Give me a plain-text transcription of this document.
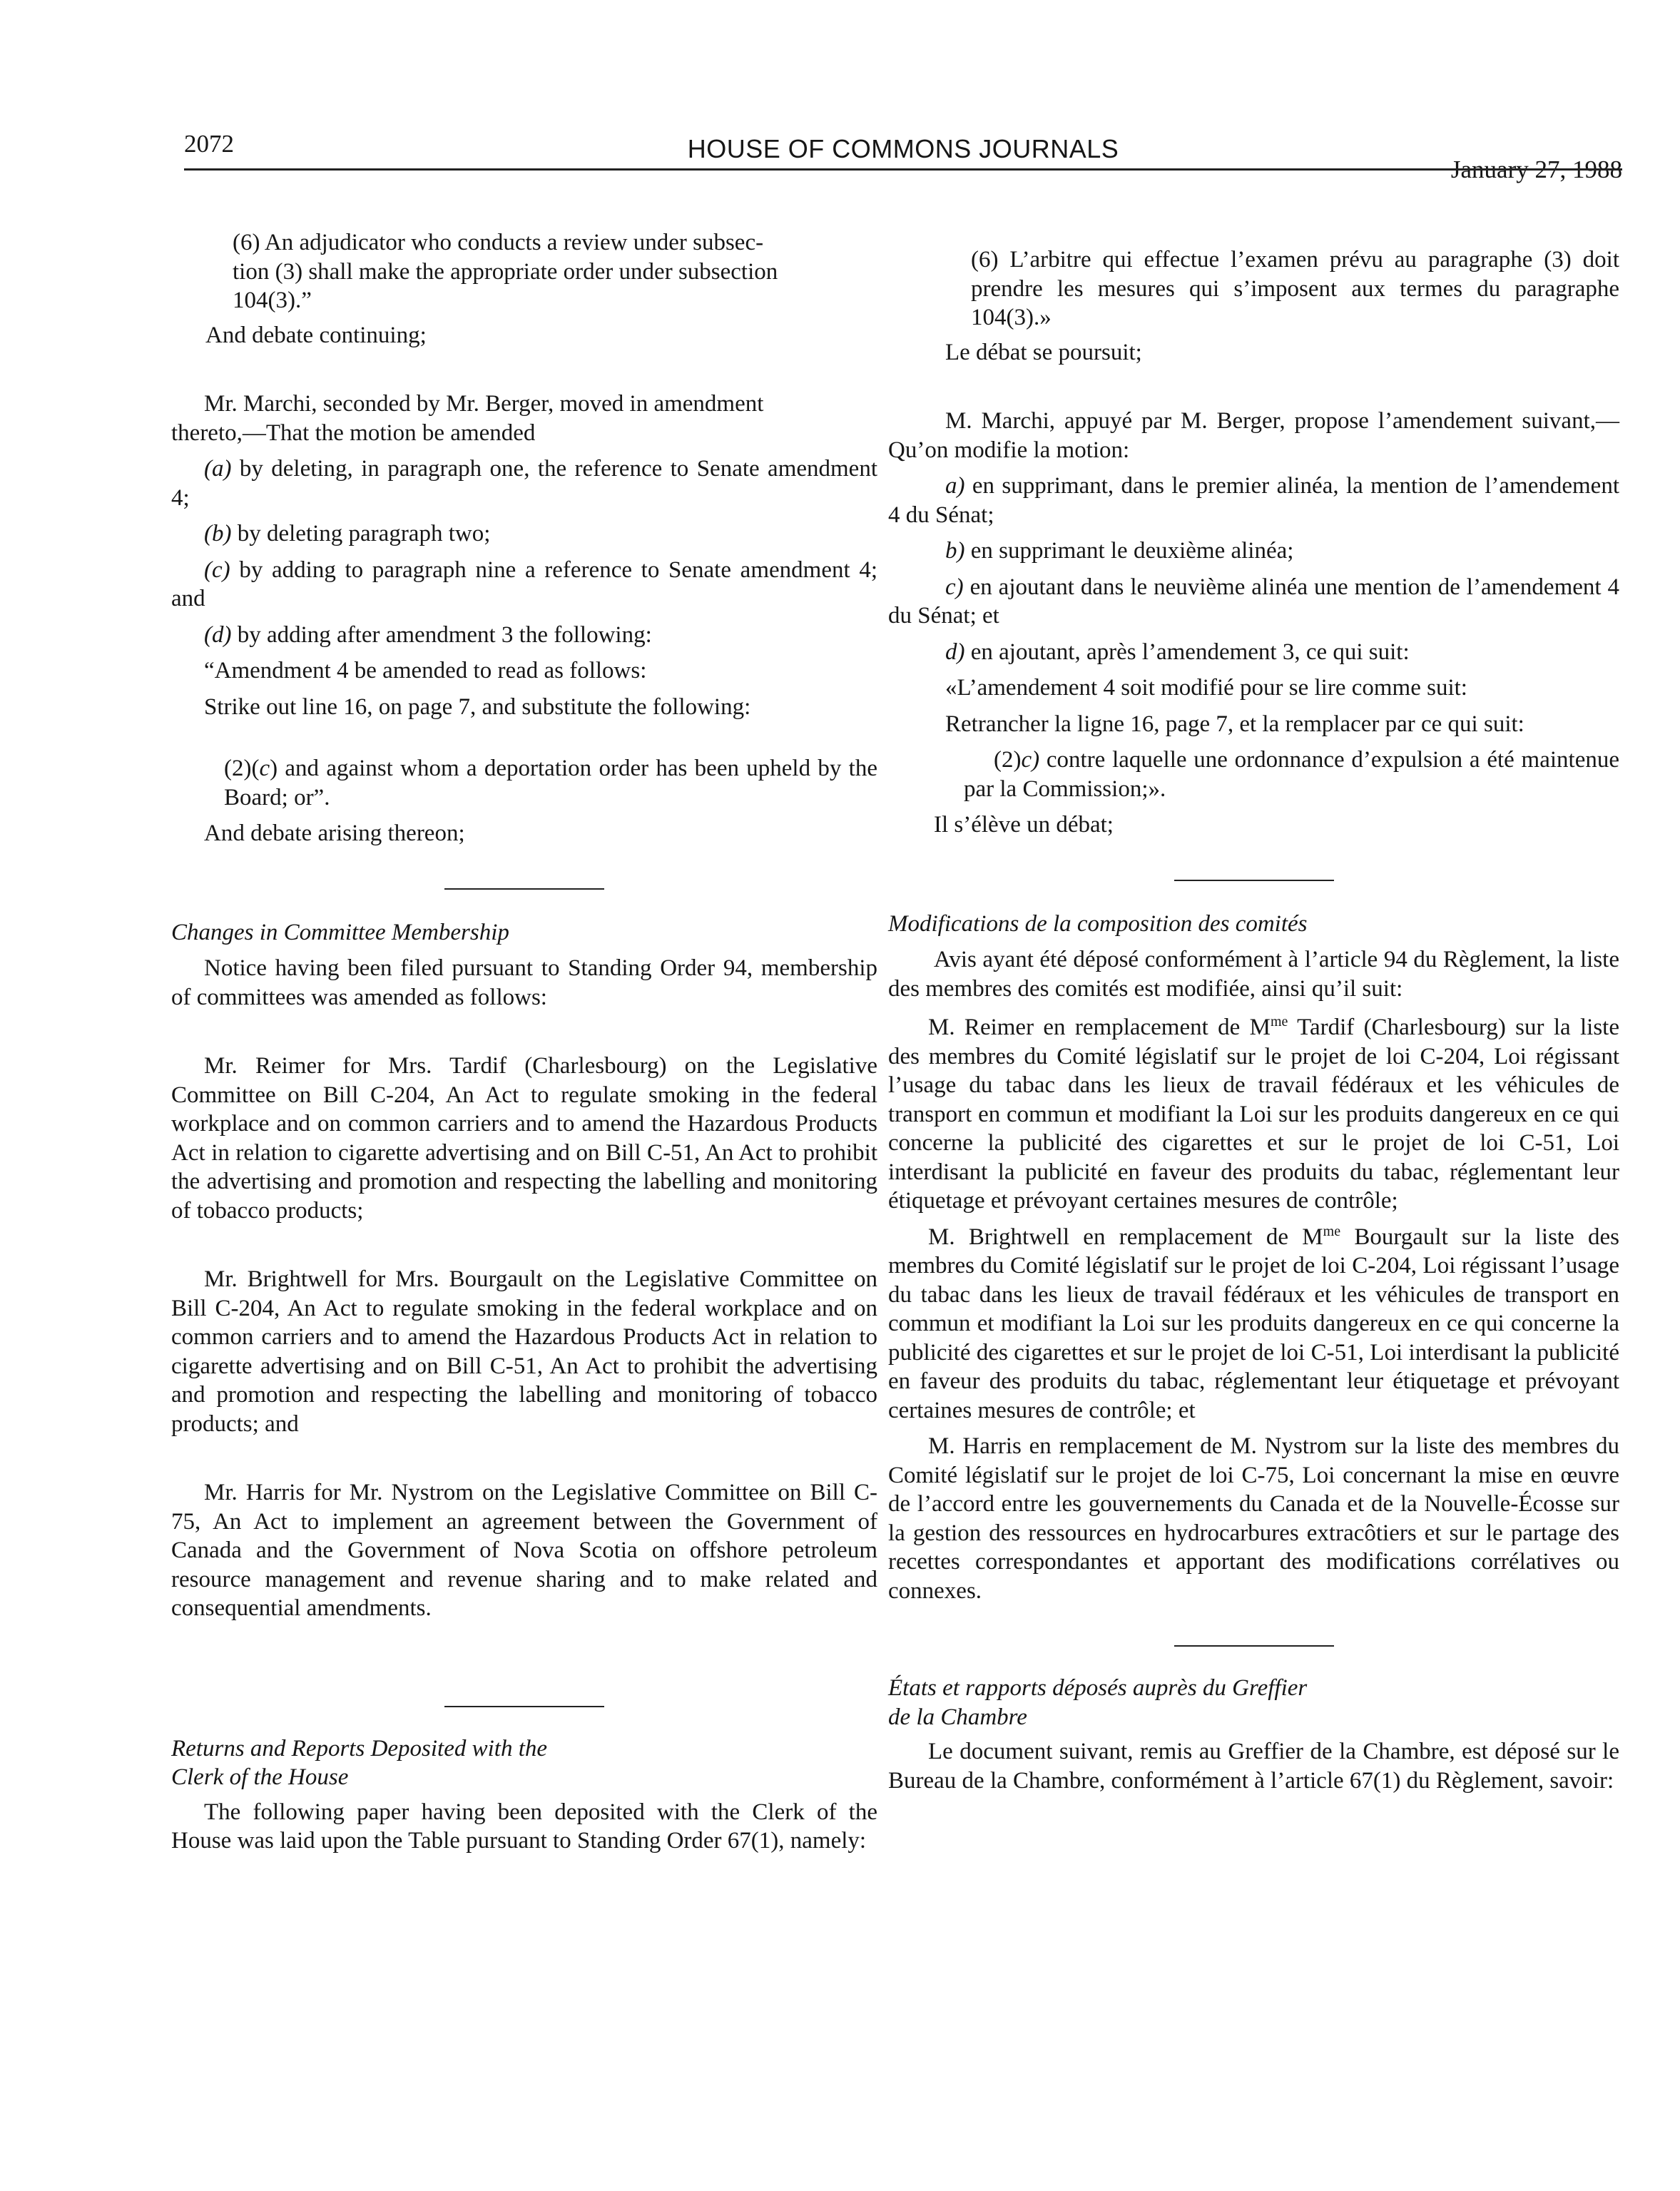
2072	HOUSE OF COMMONS JOURNALS
January 27, 1988

(6) An adjudicator who conducts a review under subsec-
tion (3) shall make the appropriate order under subsection
104(3).”

And debate continuing;

Mr. Marchi, seconded by Mr. Berger, moved in amendment
thereto,—That the motion be amended

(a) by deleting, in paragraph one, the reference to Senate amendment 4;

(b) by deleting paragraph two;

(c) by adding to paragraph nine a reference to Senate amendment 4; and

(d) by adding after amendment 3 the following:

“Amendment 4 be amended to read as follows:

Strike out line 16, on page 7, and substitute the following:

(2)(c) and against whom a deportation order has been upheld by the Board; or”.

And debate arising thereon;

Changes in Committee Membership

Notice having been filed pursuant to Standing Order 94, membership of committees was amended as follows:

Mr. Reimer for Mrs. Tardif (Charlesbourg) on the Legislative Committee on Bill C-204, An Act to regulate smoking in the federal workplace and on common carriers and to amend the Hazardous Products Act in relation to cigarette advertising and on Bill C-51, An Act to prohibit the advertising and promotion and respecting the labelling and monitoring of tobacco products;

Mr. Brightwell for Mrs. Bourgault on the Legislative Committee on Bill C-204, An Act to regulate smoking in the federal workplace and on common carriers and to amend the Hazardous Products Act in relation to cigarette advertising and on Bill C-51, An Act to prohibit the advertising and promotion and respecting the labelling and monitoring of tobacco products; and

Mr. Harris for Mr. Nystrom on the Legislative Committee on Bill C-75, An Act to implement an agreement between the Government of Canada and the Government of Nova Scotia on offshore petroleum resource management and revenue sharing and to make related and consequential amendments.

Returns and Reports Deposited with the
Clerk of the House

The following paper having been deposited with the Clerk of the House was laid upon the Table pursuant to Standing Order 67(1), namely:

(6) L’arbitre qui effectue l’examen prévu au paragraphe (3) doit prendre les mesures qui s’imposent aux termes du paragraphe 104(3).»

Le débat se poursuit;

M. Marchi, appuyé par M. Berger, propose l’amendement suivant,—Qu’on modifie la motion:

a) en supprimant, dans le premier alinéa, la mention de l’amendement 4 du Sénat;

b) en supprimant le deuxième alinéa;

c) en ajoutant dans le neuvième alinéa une mention de l’amendement 4 du Sénat; et

d) en ajoutant, après l’amendement 3, ce qui suit:

«L’amendement 4 soit modifié pour se lire comme suit:

Retrancher la ligne 16, page 7, et la remplacer par ce qui suit:

(2)c) contre laquelle une ordonnance d’expulsion a été maintenue par la Commission;».

Il s’élève un débat;

Modifications de la composition des comités

Avis ayant été déposé conformément à l’article 94 du Règlement, la liste des membres des comités est modifiée, ainsi qu’il suit:

M. Reimer en remplacement de $M^{me}$ Tardif (Charlesbourg) sur la liste des membres du Comité législatif sur le projet de loi C-204, Loi régissant l’usage du tabac dans les lieux de travail fédéraux et les véhicules de transport en commun et modifiant la Loi sur les produits dangereux en ce qui concerne la publicité des cigarettes et sur le projet de loi C-51, Loi interdisant la publicité en faveur des produits du tabac, réglementant leur étiquetage et prévoyant certaines mesures de contrôle;

M. Brightwell en remplacement de $M^{me}$ Bourgault sur la liste des membres du Comité législatif sur le projet de loi C-204, Loi régissant l’usage du tabac dans les lieux de travail fédéraux et les véhicules de transport en commun et modifiant la Loi sur les produits dangereux en ce qui concerne la publicité des cigarettes et sur le projet de loi C-51, Loi interdisant la publicité en faveur des produits du tabac, réglementant leur étiquetage et prévoyant certaines mesures de contrôle; et

M. Harris en remplacement de M. Nystrom sur la liste des membres du Comité législatif sur le projet de loi C-75, Loi concernant la mise en œuvre de l’accord entre les gouvernements du Canada et de la Nouvelle-Écosse sur la gestion des ressources en hydrocarbures extracôtiers et sur le partage des recettes correspondantes et apportant des modifications corrélatives ou connexes.

États et rapports déposés auprès du Greffier
de la Chambre

Le document suivant, remis au Greffier de la Chambre, est déposé sur le Bureau de la Chambre, conformément à l’article 67(1) du Règlement, savoir:
